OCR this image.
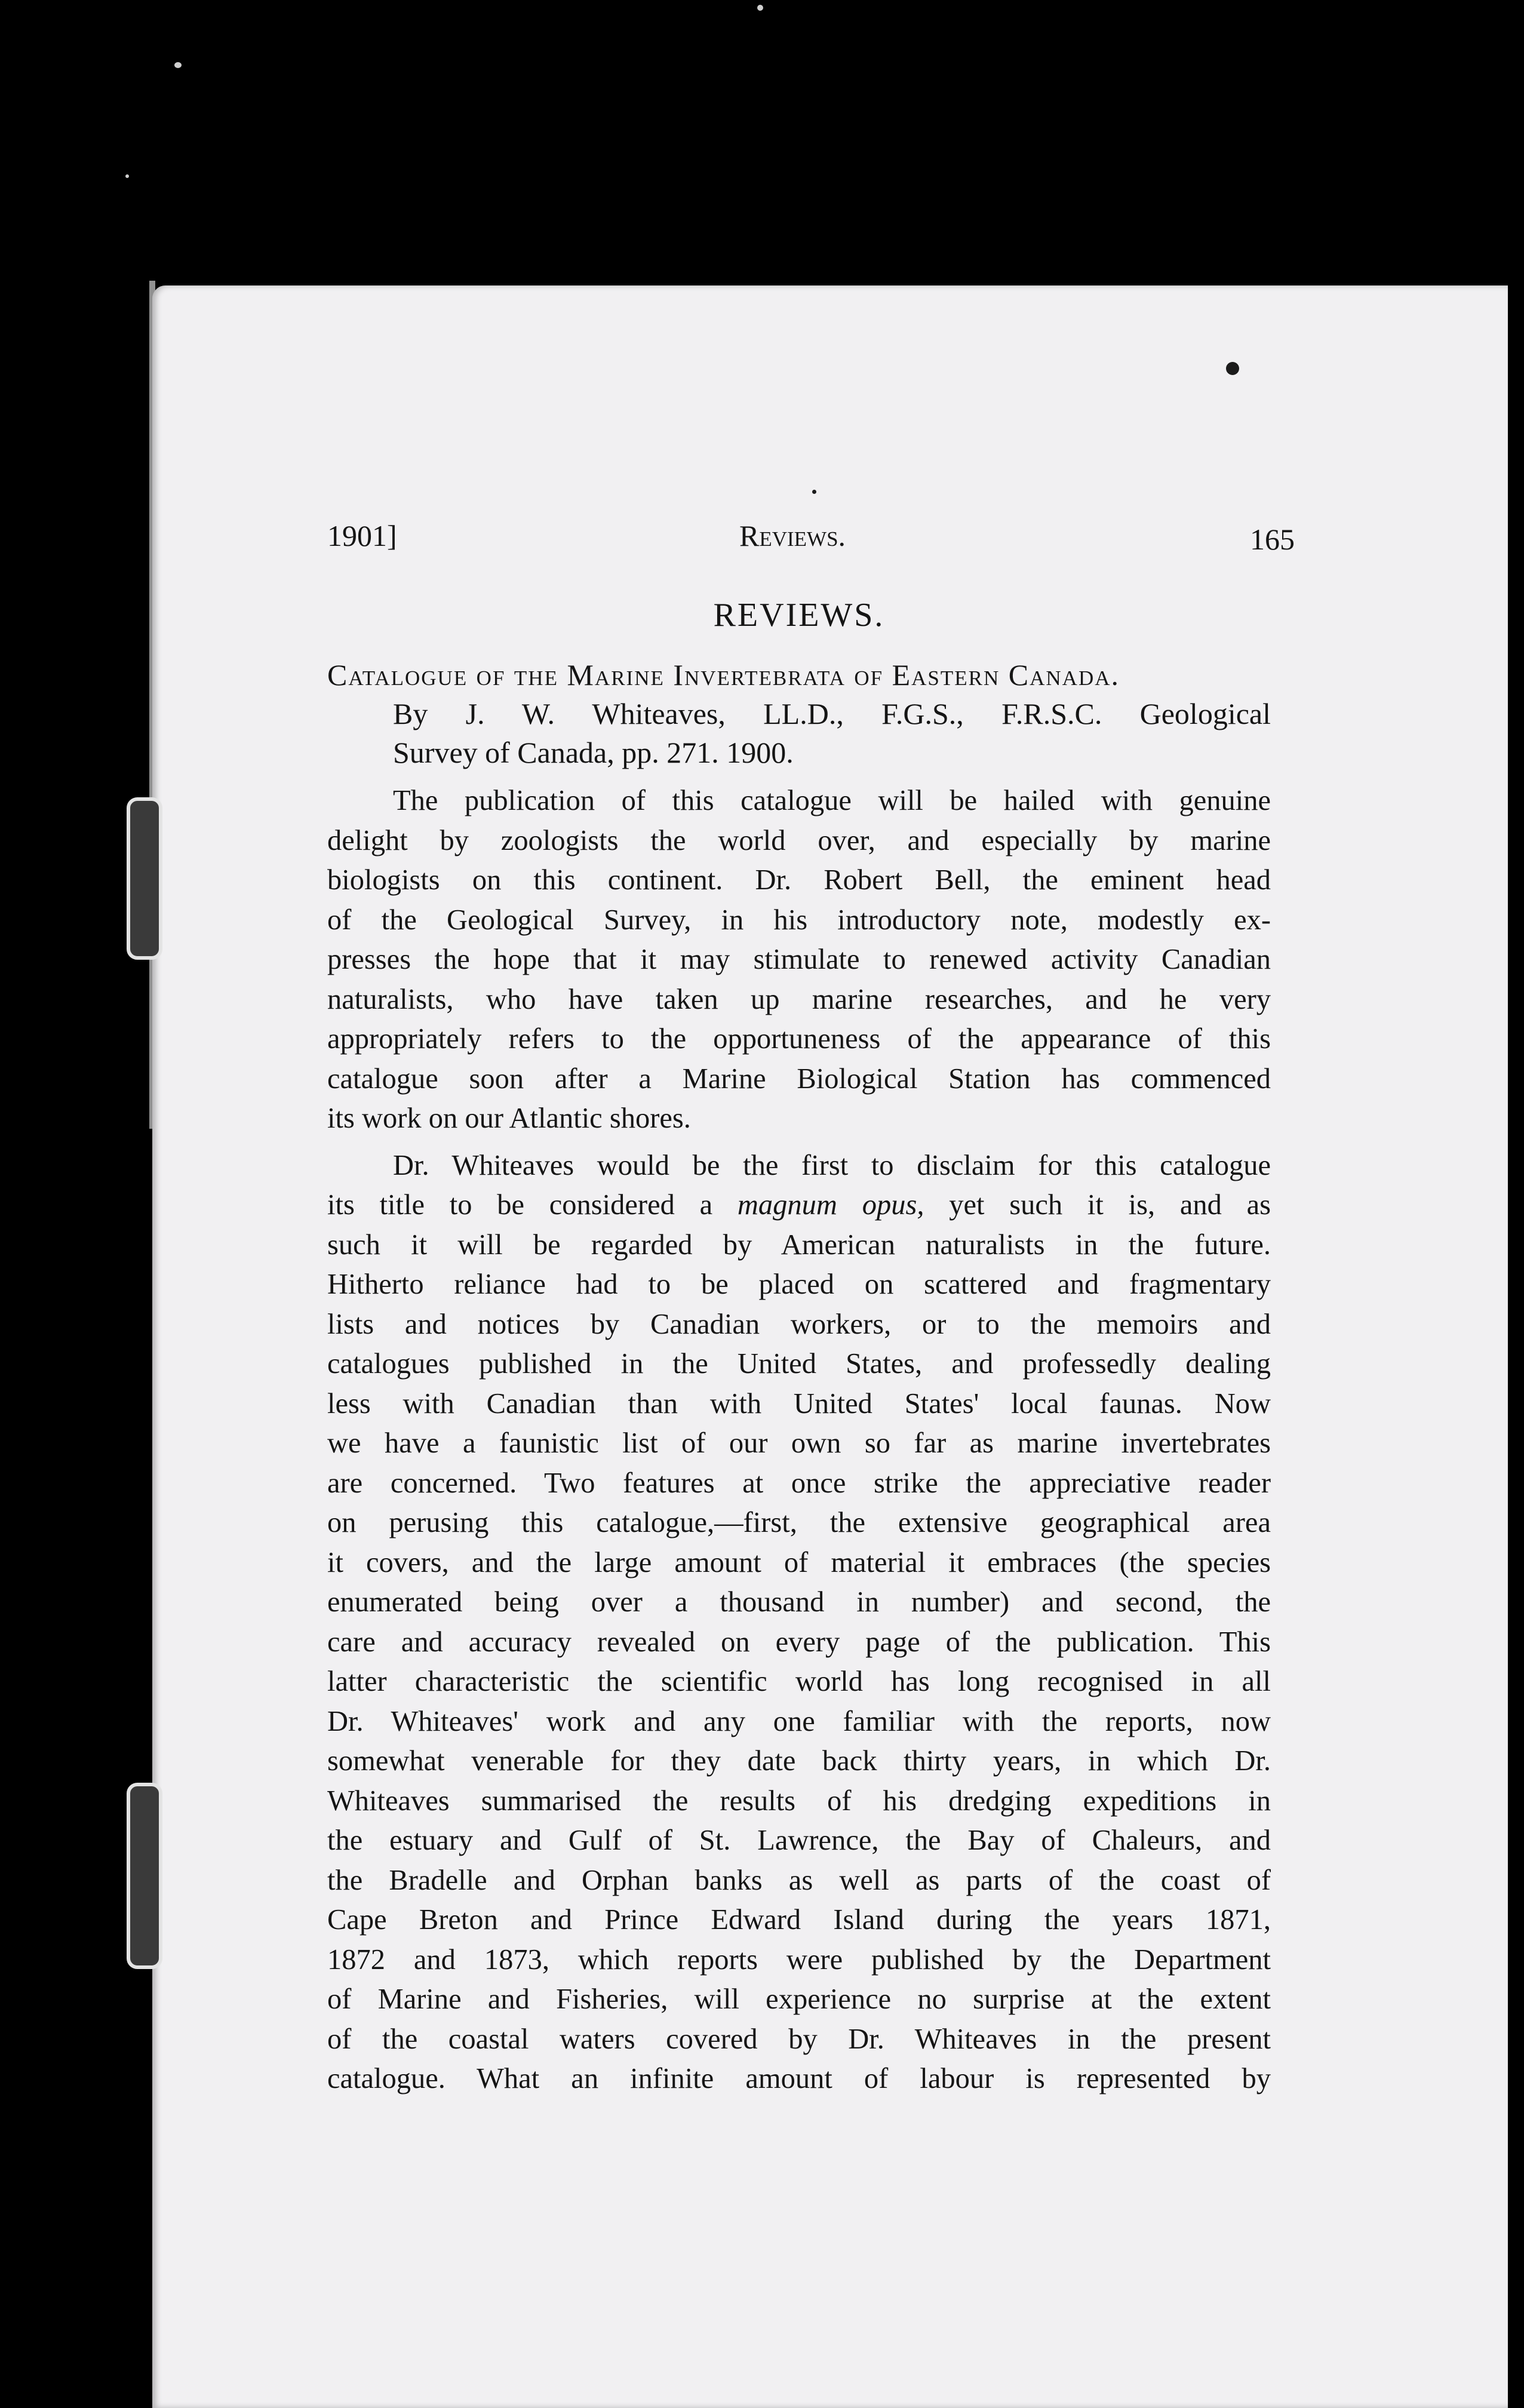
1901]	Reviews.	165
REVIEWS.
Catalogue of the Marine Invertebrata of Eastern Canada.
By J. W. Whiteaves, LL.D., F.G.S., F.R.S.C. Geological
Survey of Canada, pp. 271. 1900.
The publication of this catalogue will be hailed with genuine
delight by zoologists the world over, and especially by marine
biologists on this continent. Dr. Robert Bell, the eminent head
of the Geological Survey, in his introductory note, modestly ex-
presses the hope that it may stimulate to renewed activity Canadian
naturalists, who have taken up marine researches, and he very
appropriately refers to the opportuneness of the appearance of this
catalogue soon after a Marine Biological Station has commenced
its work on our Atlantic shores.
Dr. Whiteaves would be the first to disclaim for this catalogue
its title to be considered a magnum opus, yet such it is, and as
such it will be regarded by American naturalists in the future.
Hitherto reliance had to be placed on scattered and fragmentary
lists and notices by Canadian workers, or to the memoirs and
catalogues published in the United States, and professedly dealing
less with Canadian than with United States' local faunas. Now
we have a faunistic list of our own so far as marine invertebrates
are concerned. Two features at once strike the appreciative reader
on perusing this catalogue,—first, the extensive geographical area
it covers, and the large amount of material it embraces (the species
enumerated being over a thousand in number) and second, the
care and accuracy revealed on every page of the publication. This
latter characteristic the scientific world has long recognised in all
Dr. Whiteaves' work and any one familiar with the reports, now
somewhat venerable for they date back thirty years, in which Dr.
Whiteaves summarised the results of his dredging expeditions in
the estuary and Gulf of St. Lawrence, the Bay of Chaleurs, and
the Bradelle and Orphan banks as well as parts of the coast of
Cape Breton and Prince Edward Island during the years 1871,
1872 and 1873, which reports were published by the Department
of Marine and Fisheries, will experience no surprise at the extent
of the coastal waters covered by Dr. Whiteaves in the present
catalogue. What an infinite amount of labour is represented by
